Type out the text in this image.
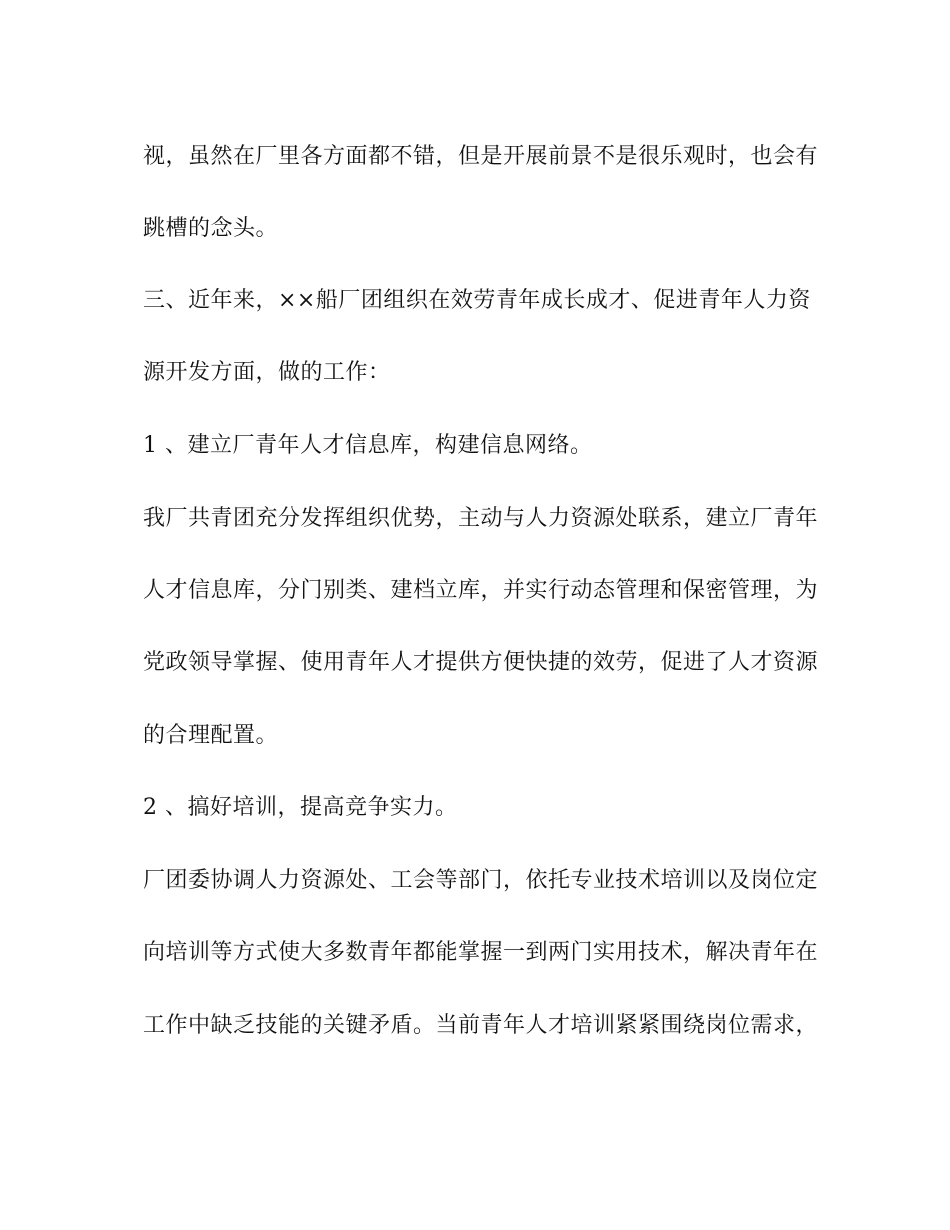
视，虽然在厂里各方面都不错，但是开展前景不是很乐观时，也会有
跳槽的念头。
三、近年来，××船厂团组织在效劳青年成长成才、促进青年人力资
源开发方面，做的工作：
1 、建立厂青年人才信息库，构建信息网络。
我厂共青团充分发挥组织优势，主动与人力资源处联系，建立厂青年
人才信息库，分门别类、建档立库，并实行动态管理和保密管理，为
党政领导掌握、使用青年人才提供方便快捷的效劳，促进了人才资源
的合理配置。
2 、搞好培训，提高竞争实力。
厂团委协调人力资源处、工会等部门，依托专业技术培训以及岗位定
向培训等方式使大多数青年都能掌握一到两门实用技术，解决青年在
工作中缺乏技能的关键矛盾。当前青年人才培训紧紧围绕岗位需求，
